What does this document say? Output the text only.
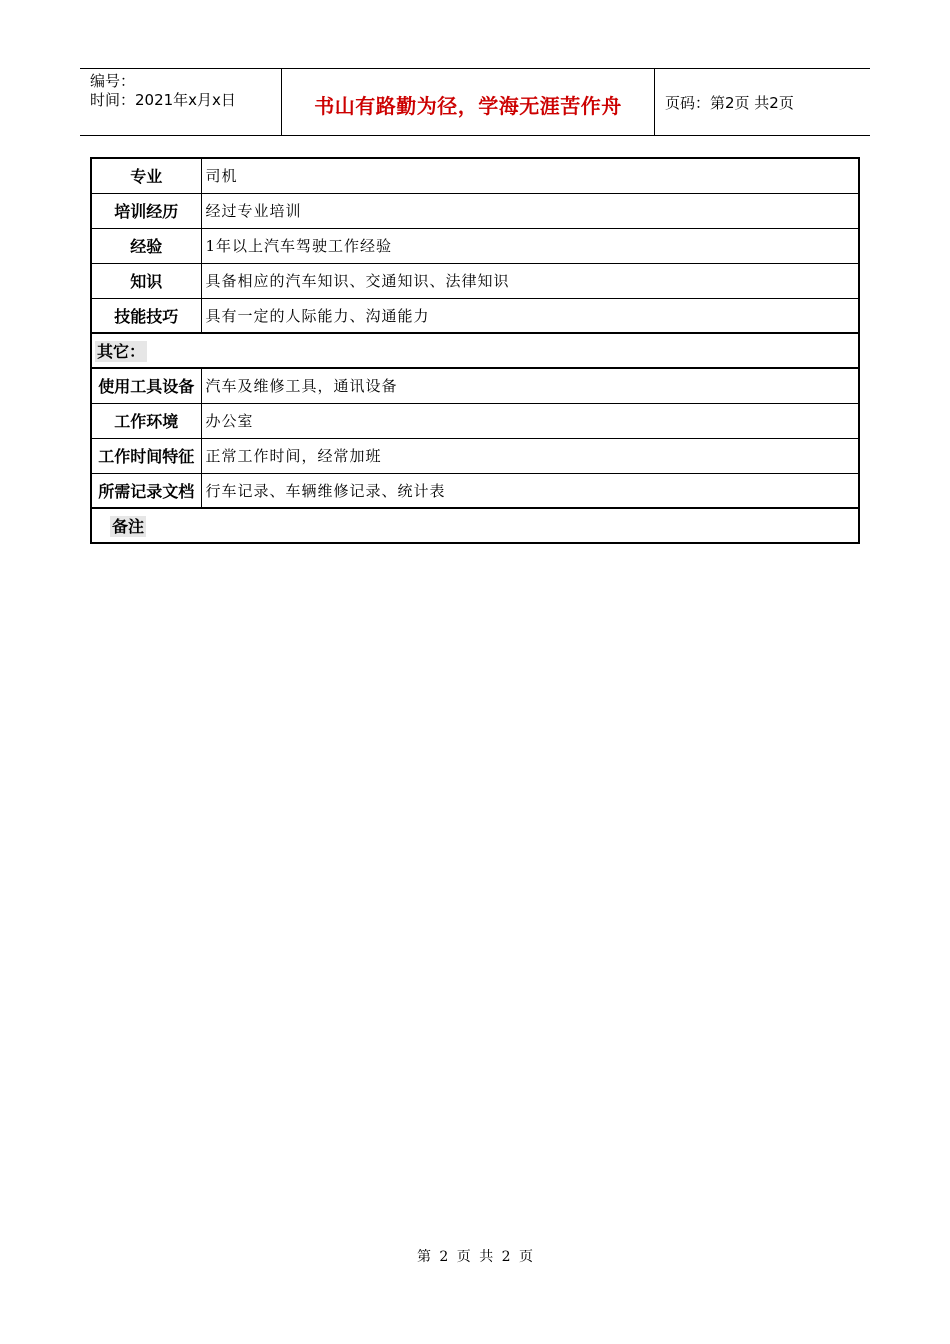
编号：
时间：2021年x月x日	书山有路勤为径，学海无涯苦作舟	页码：第2页 共2页
专业	司机
培训经历	经过专业培训
经验	1年以上汽车驾驶工作经验
知识	具备相应的汽车知识、交通知识、法律知识
技能技巧	具有一定的人际能力、沟通能力
其它：	
使用工具设备	汽车及维修工具，通讯设备
工作环境	办公室
工作时间特征	正常工作时间，经常加班
所需记录文档	行车记录、车辆维修记录、统计表
备注	
第 2 页 共 2 页
